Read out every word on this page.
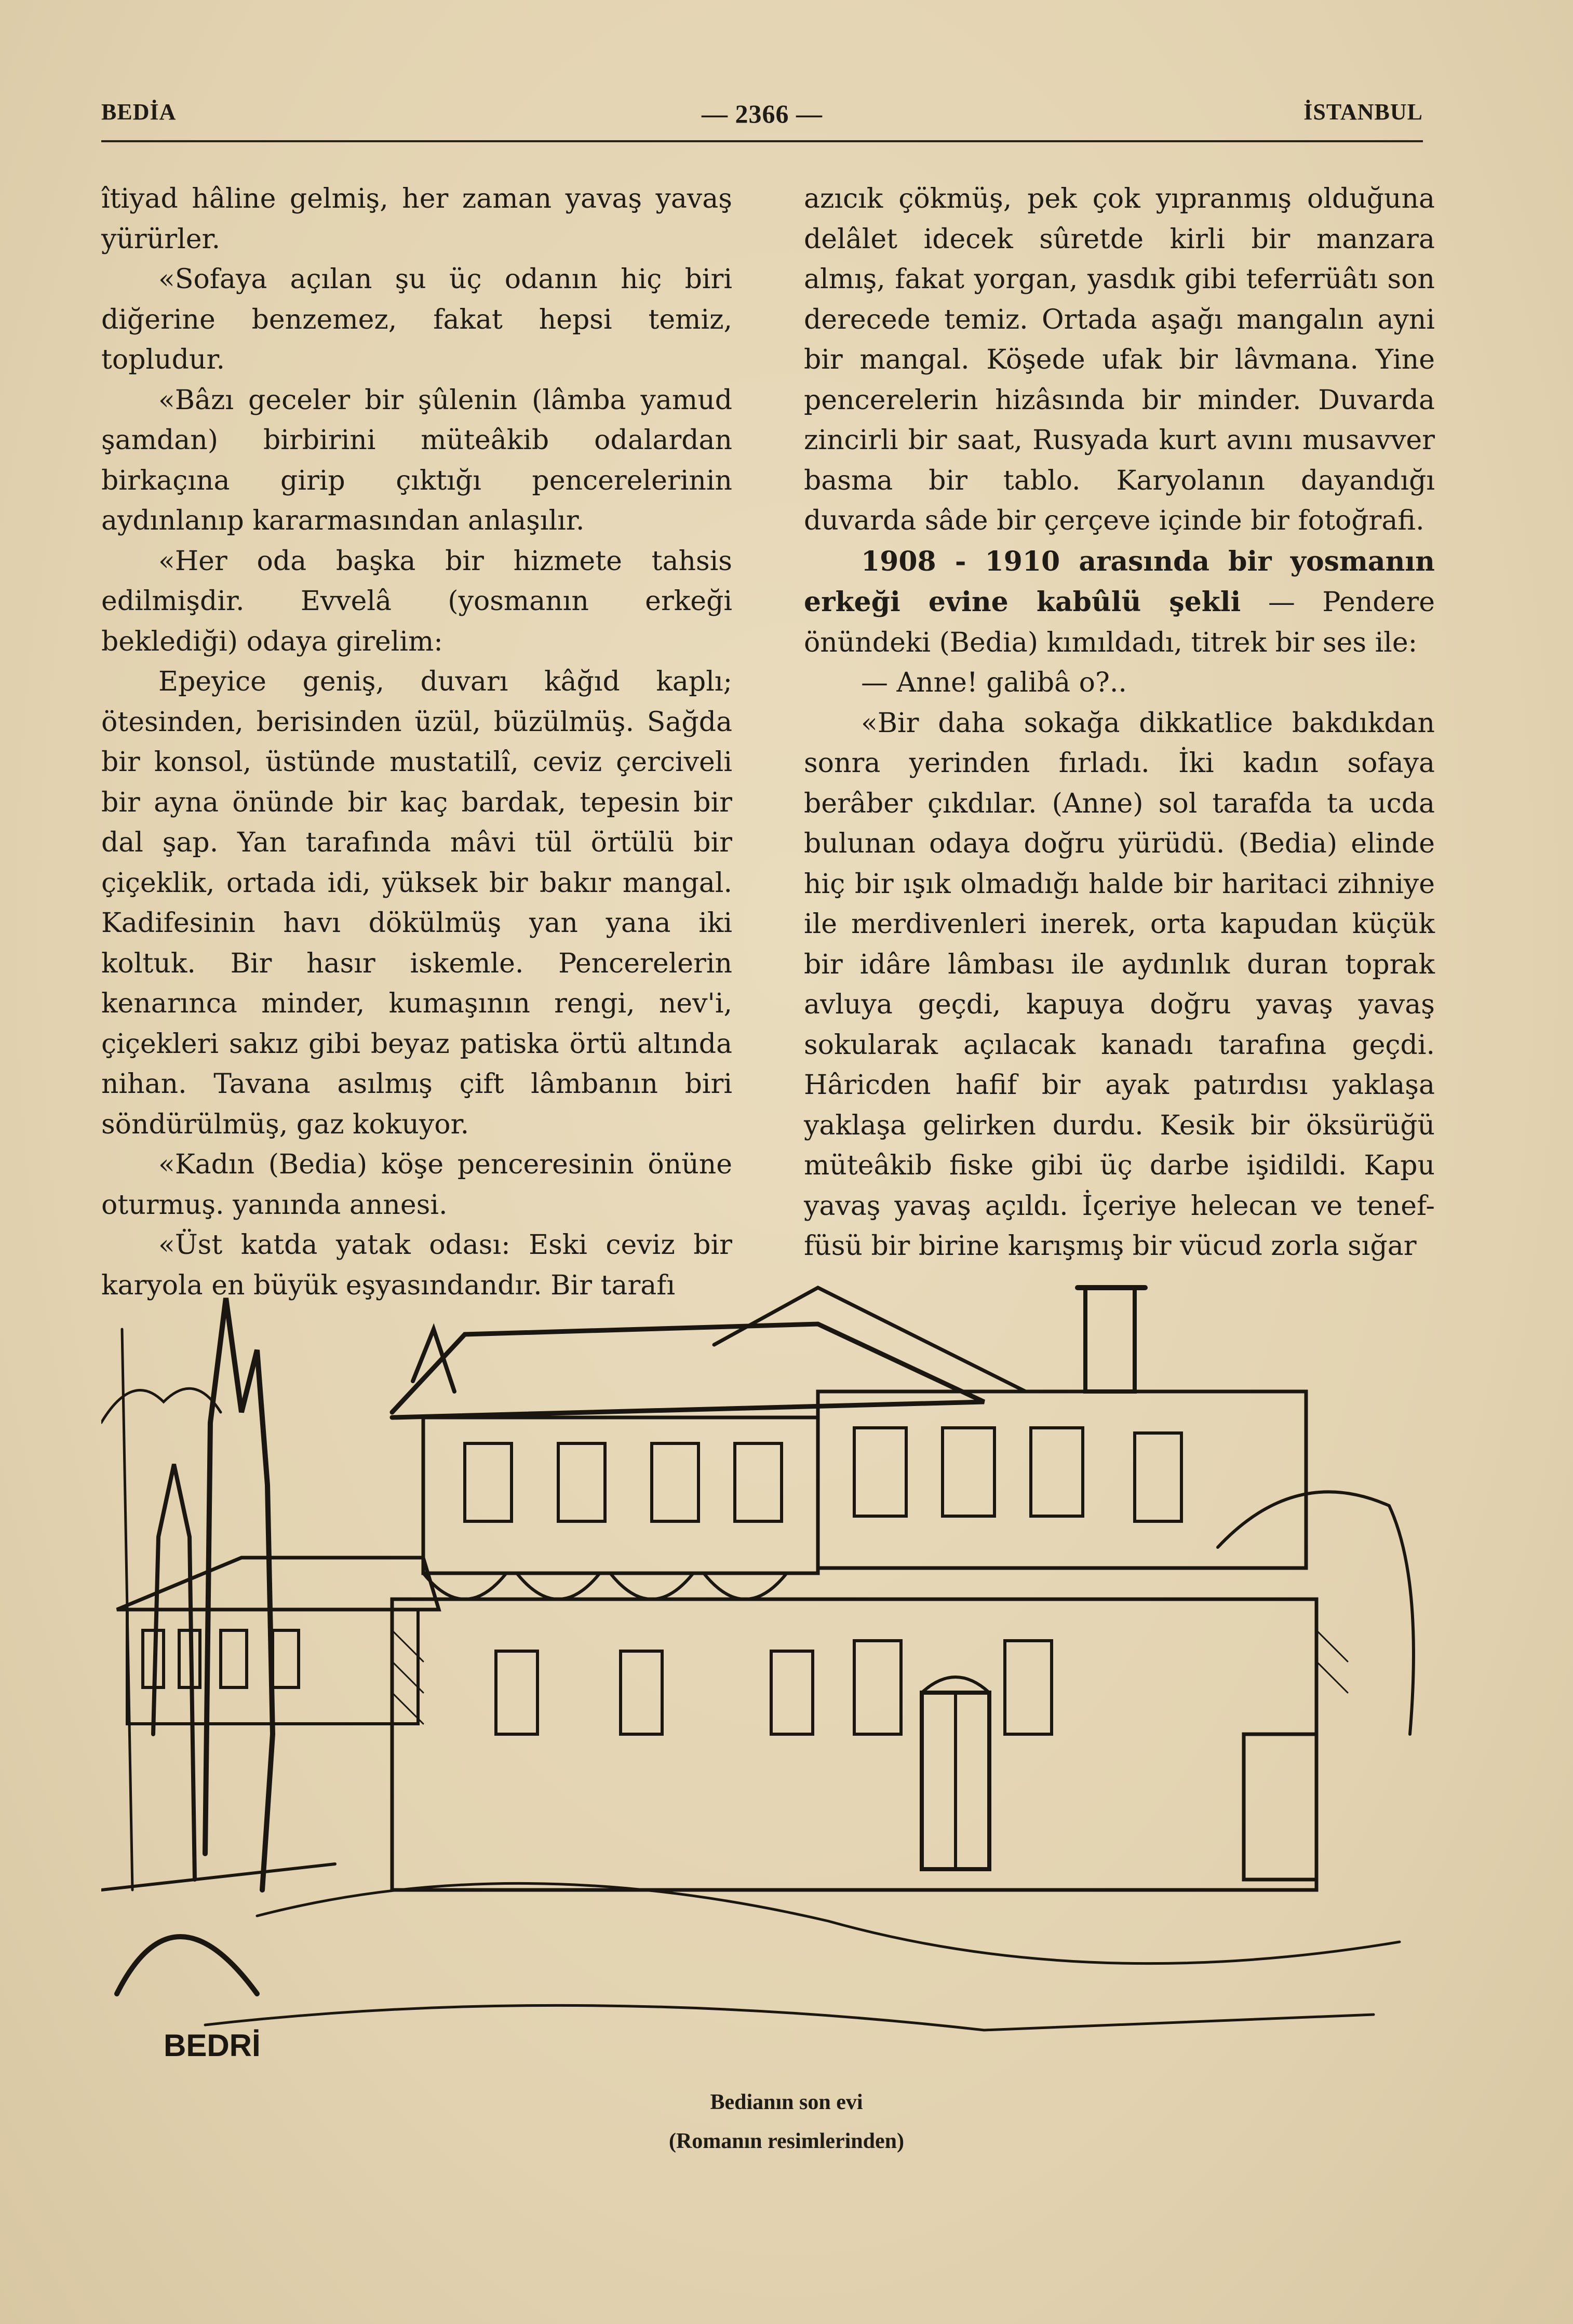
BEDİA	— 2366 —	İSTANBUL

îtiyad hâline gelmiş, her zaman yavaş yavaş yürürler.

«Sofaya açılan şu üç odanın hiç biri diğerine benzemez, fakat hepsi temiz, topludur.

«Bâzı geceler bir şûlenin (lâmba yamud şamdan) birbirini müteâkib odalardan birkaçına girip çıktığı pencerelerinin aydınlanıp kararmasından anlaşılır.

«Her oda başka bir hizmete tahsis edilmişdir. Evvelâ (yosmanın erkeği beklediği) odaya girelim:

Epeyice geniş, duvarı kâğıd kaplı; ötesinden, berisinden üzül, büzülmüş. Sağda bir konsol, üstünde mustatilî, ceviz çerciveli bir ayna önünde bir kaç bardak, tepesin bir dal şap. Yan tarafında mâvi tül örtülü bir çiçeklik, ortada idi, yüksek bir bakır mangal. Kadifesinin havı dökülmüş yan yana iki koltuk. Bir hasır iskemle. Pencerelerin kenarınca minder, kumaşının rengi, nev'i, çiçekleri sakız gibi beyaz patiska örtü altında nihan. Tavana asılmış çift lâmbanın biri söndürülmüş, gaz kokuyor.

«Kadın (Bedia) köşe penceresinin önüne oturmuş. yanında annesi.

«Üst katda yatak odası: Eski ceviz bir karyola en büyük eşyasındandır. Bir tarafı

azıcık çökmüş, pek çok yıpranmış olduğuna delâlet idecek sûretde kirli bir manzara almış, fakat yorgan, yasdık gibi teferrüâtı son derecede temiz. Ortada aşağı mangalın ayni bir mangal. Köşede ufak bir lâvmana. Yine pencerelerin hizâsında bir minder. Duvarda zincirli bir saat, Rusyada kurt avını musavver basma bir tablo. Karyolanın dayandığı duvarda sâde bir çerçeve içinde bir fotoğrafi.

1908 - 1910 arasında bir yosmanın erkeği evine kabûlü şekli — Pendere önündeki (Bedia) kımıldadı, titrek bir ses ile:

— Anne! galibâ o?..

«Bir daha sokağa dikkatlice bakdıkdan sonra yerinden fırladı. İki kadın sofaya berâber çıkdılar. (Anne) sol tarafda ta ucda bulunan odaya doğru yürüdü. (Bedia) elinde hiç bir ışık olmadığı halde bir haritaci zihniye ile merdivenleri inerek, orta kapudan küçük bir idâre lâmbası ile aydınlık duran toprak avluya geçdi, kapuya doğru yavaş yavaş sokularak açılacak kanadı tarafına geçdi. Hâricden hafif bir ayak patırdısı yaklaşa yaklaşa gelirken durdu. Kesik bir öksürüğü müteâkib fiske gibi üç darbe işidildi. Kapu yavaş yavaş açıldı. İçeriye helecan ve tenef-füsü bir birine karışmış bir vücud zorla sığar

BEDRİ
Bedianın son evi
(Romanın resimlerinden)
